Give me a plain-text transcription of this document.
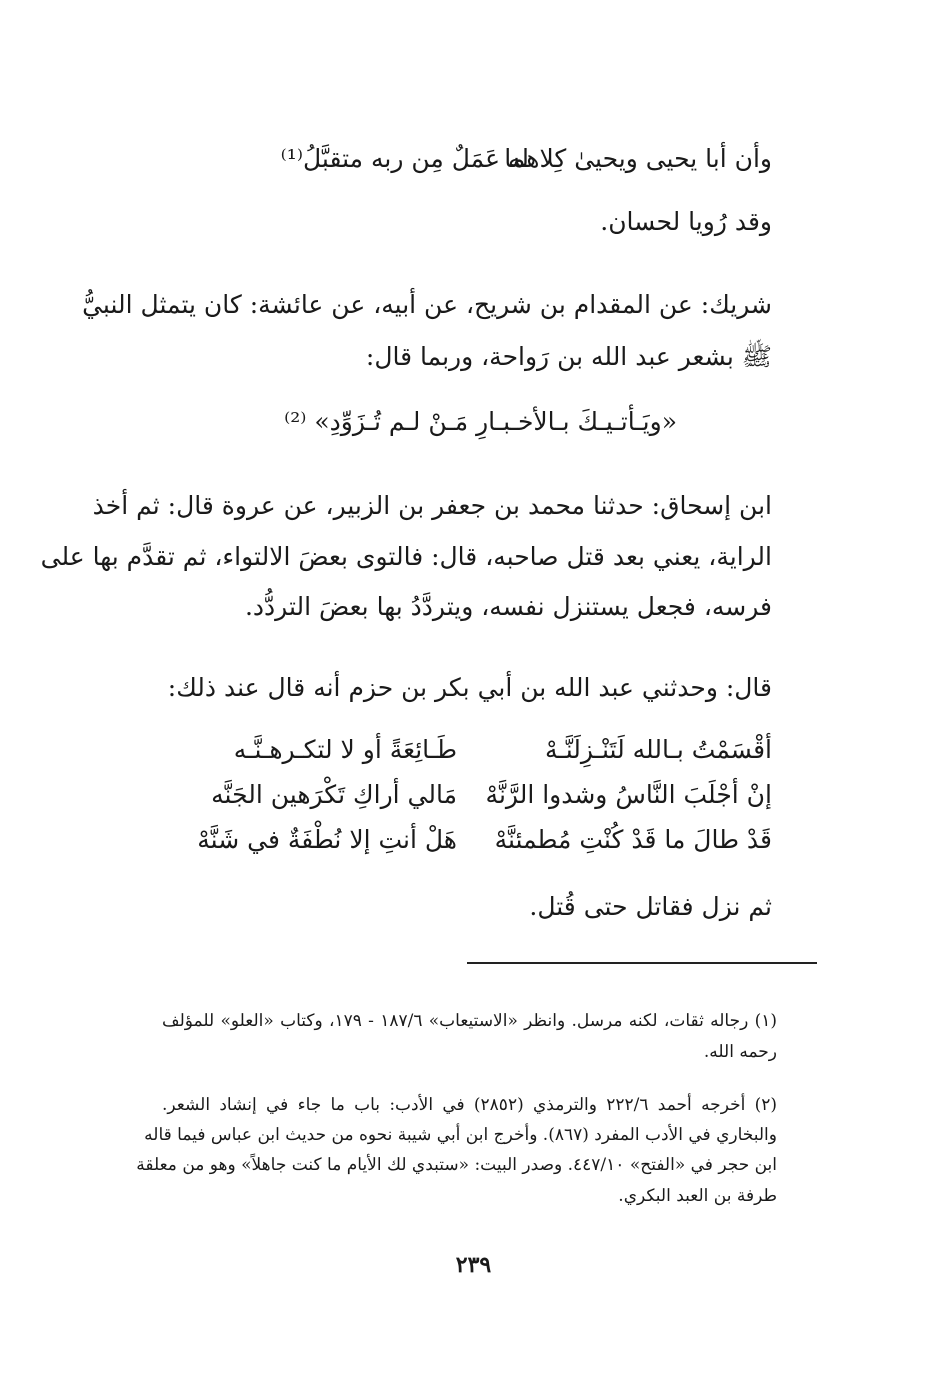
وأن أبا يحيى ويحيىٰ كِلاهما
له عَمَلٌ مِن ربه متقبَّلُ⁽¹⁾
وقد رُويا لحسان.
شريك: عن المقدام بن شريح، عن أبيه، عن عائشة: كان يتمثل النبيُّ
ﷺ بشعر عبد الله بن رَواحة، وربما قال:
«ويَـأتـيـكَ بـالأخـبـارِ مَـنْ لـم تُـزَوِّدِ» ⁽²⁾
ابن إسحاق: حدثنا محمد بن جعفر بن الزبير، عن عروة قال: ثم أخذ
الراية، يعني بعد قتل صاحبه، قال: فالتوى بعضَ الالتواء، ثم تقدَّم بها على
فرسه، فجعل يستنزل نفسه، ويتردَّدُ بها بعضَ التردُّد.
قال: وحدثني عبد الله بن أبي بكر بن حزم أنه قال عند ذلك:
أقْسَمْتُ بـالله لَتَنْـزِلَنَّـهْ
طَـائِعَةً أو لا لتكـرهـنَّـه
إنْ أجْلَبَ النَّاسُ وشدوا الرَّنَّهْ
مَالي أراكِ تَكْرَهين الجَنَّه
قَدْ طالَ ما قَدْ كُنْتِ مُطمئنَّهْ
هَلْ أنتِ إلا نُطْفَةٌ في شَنَّهْ
ثم نزل فقاتل حتى قُتل.
(١) رجاله ثقات، لكنه مرسل. وانظر «الاستيعاب» ١٨٧/٦ - ١٧٩، وكتاب «العلو» للمؤلف
رحمه الله.
(٢) أخرجه أحمد ٢٢٢/٦ والترمذي (٢٨٥٢) في الأدب: باب ما جاء في إنشاد الشعر.
والبخاري في الأدب المفرد (٨٦٧). وأخرج ابن أبي شيبة نحوه من حديث ابن عباس فيما قاله
ابن حجر في «الفتح» ٤٤٧/١٠. وصدر البيت: «ستبدي لك الأيام ما كنت جاهلاً» وهو من معلقة
طرفة بن العبد البكري.
٢٣٩
